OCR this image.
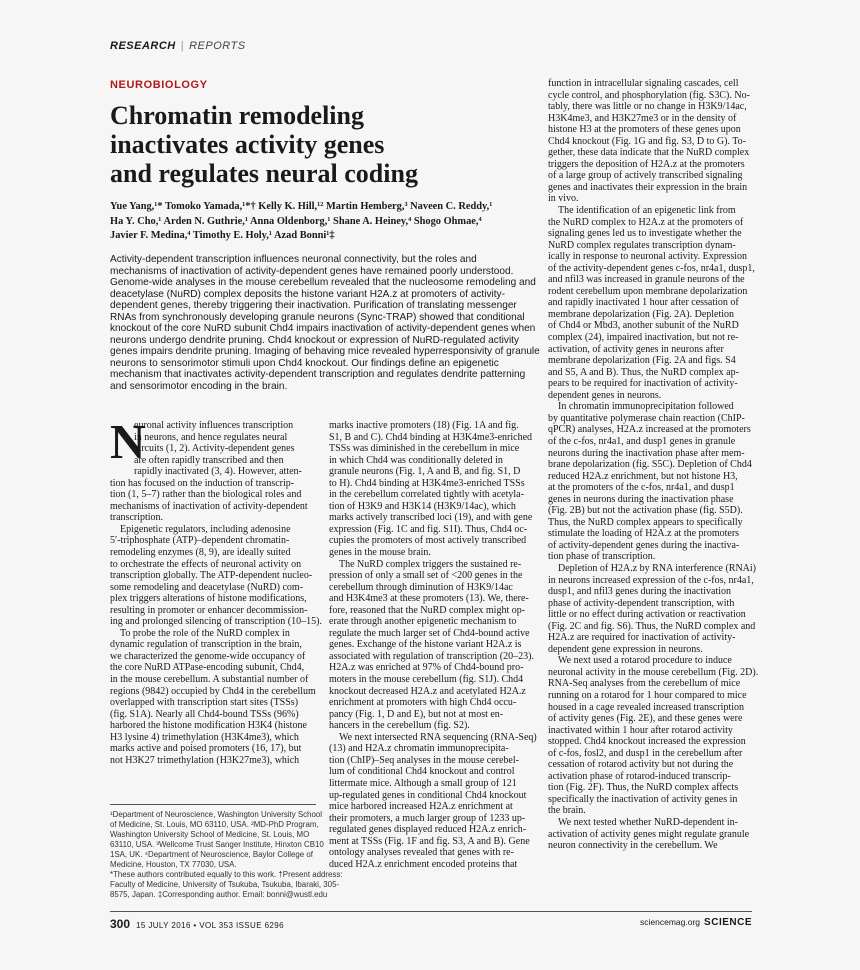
RESEARCH | REPORTS
NEUROBIOLOGY
Chromatin remodeling
inactivates activity genes
and regulates neural coding
Yue Yang,¹* Tomoko Yamada,¹*† Kelly K. Hill,¹² Martin Hemberg,³ Naveen C. Reddy,¹
Ha Y. Cho,¹ Arden N. Guthrie,¹ Anna Oldenborg,¹ Shane A. Heiney,⁴ Shogo Ohmae,⁴
Javier F. Medina,⁴ Timothy E. Holy,¹ Azad Bonni¹‡

Activity-dependent transcription influences neuronal connectivity, but the roles and
mechanisms of inactivation of activity-dependent genes have remained poorly understood.
Genome-wide analyses in the mouse cerebellum revealed that the nucleosome remodeling and
deacetylase (NuRD) complex deposits the histone variant H2A.z at promoters of activity-
dependent genes, thereby triggering their inactivation. Purification of translating messenger
RNAs from synchronously developing granule neurons (Sync-TRAP) showed that conditional
knockout of the core NuRD subunit Chd4 impairs inactivation of activity-dependent genes when
neurons undergo dendrite pruning. Chd4 knockout or expression of NuRD-regulated activity
genes impairs dendrite pruning. Imaging of behaving mice revealed hyperresponsivity of granule
neurons to sensorimotor stimuli upon Chd4 knockout. Our findings define an epigenetic
mechanism that inactivates activity-dependent transcription and regulates dendrite patterning
and sensorimotor encoding in the brain.

N
euronal activity influences transcription
in neurons, and hence regulates neural
circuits (1, 2). Activity-dependent genes
are often rapidly transcribed and then
rapidly inactivated (3, 4). However, atten-
tion has focused on the induction of transcrip-
tion (1, 5–7) rather than the biological roles and
mechanisms of inactivation of activity-dependent
transcription.
Epigenetic regulators, including adenosine
5′-triphosphate (ATP)–dependent chromatin-
remodeling enzymes (8, 9), are ideally suited
to orchestrate the effects of neuronal activity on
transcription globally. The ATP-dependent nucleo-
some remodeling and deacetylase (NuRD) com-
plex triggers alterations of histone modifications,
resulting in promoter or enhancer decommission-
ing and prolonged silencing of transcription (10–15).
To probe the role of the NuRD complex in
dynamic regulation of transcription in the brain,
we characterized the genome-wide occupancy of
the core NuRD ATPase-encoding subunit, Chd4,
in the mouse cerebellum. A substantial number of
regions (9842) occupied by Chd4 in the cerebellum
overlapped with transcription start sites (TSSs)
(fig. S1A). Nearly all Chd4-bound TSSs (96%)
harbored the histone modification H3K4 (histone
H3 lysine 4) trimethylation (H3K4me3), which
marks active and poised promoters (16, 17), but
not H3K27 trimethylation (H3K27me3), which
marks inactive promoters (18) (Fig. 1A and fig.
S1, B and C). Chd4 binding at H3K4me3-enriched
TSSs was diminished in the cerebellum in mice
in which Chd4 was conditionally deleted in
granule neurons (Fig. 1, A and B, and fig. S1, D
to H). Chd4 binding at H3K4me3-enriched TSSs
in the cerebellum correlated tightly with acetyla-
tion of H3K9 and H3K14 (H3K9/14ac), which
marks actively transcribed loci (19), and with gene
expression (Fig. 1C and fig. S1I). Thus, Chd4 oc-
cupies the promoters of most actively transcribed
genes in the mouse brain.
The NuRD complex triggers the sustained re-
pression of only a small set of <200 genes in the
cerebellum through diminution of H3K9/14ac
and H3K4me3 at these promoters (13). We, there-
fore, reasoned that the NuRD complex might op-
erate through another epigenetic mechanism to
regulate the much larger set of Chd4-bound active
genes. Exchange of the histone variant H2A.z is
associated with regulation of transcription (20–23).
H2A.z was enriched at 97% of Chd4-bound pro-
moters in the mouse cerebellum (fig. S1J). Chd4
knockout decreased H2A.z and acetylated H2A.z
enrichment at promoters with high Chd4 occu-
pancy (Fig. 1, D and E), but not at most en-
hancers in the cerebellum (fig. S2).
We next intersected RNA sequencing (RNA-Seq)
(13) and H2A.z chromatin immunoprecipita-
tion (ChIP)–Seq analyses in the mouse cerebel-
lum of conditional Chd4 knockout and control
littermate mice. Although a small group of 121
up-regulated genes in conditional Chd4 knockout
mice harbored increased H2A.z enrichment at
their promoters, a much larger group of 1233 up-
regulated genes displayed reduced H2A.z enrich-
ment at TSSs (Fig. 1F and fig. S3, A and B). Gene
ontology analyses revealed that genes with re-
duced H2A.z enrichment encoded proteins that
function in intracellular signaling cascades, cell
cycle control, and phosphorylation (fig. S3C). No-
tably, there was little or no change in H3K9/14ac,
H3K4me3, and H3K27me3 or in the density of
histone H3 at the promoters of these genes upon
Chd4 knockout (Fig. 1G and fig. S3, D to G). To-
gether, these data indicate that the NuRD complex
triggers the deposition of H2A.z at the promoters
of a large group of actively transcribed signaling
genes and inactivates their expression in the brain
in vivo.
The identification of an epigenetic link from
the NuRD complex to H2A.z at the promoters of
signaling genes led us to investigate whether the
NuRD complex regulates transcription dynam-
ically in response to neuronal activity. Expression
of the activity-dependent genes c-fos, nr4a1, dusp1,
and nfil3 was increased in granule neurons of the
rodent cerebellum upon membrane depolarization
and rapidly inactivated 1 hour after cessation of
membrane depolarization (Fig. 2A). Depletion
of Chd4 or Mbd3, another subunit of the NuRD
complex (24), impaired inactivation, but not re-
activation, of activity genes in neurons after
membrane depolarization (Fig. 2A and figs. S4
and S5, A and B). Thus, the NuRD complex ap-
pears to be required for inactivation of activity-
dependent genes in neurons.
In chromatin immunoprecipitation followed
by quantitative polymerase chain reaction (ChIP-
qPCR) analyses, H2A.z increased at the promoters
of the c-fos, nr4a1, and dusp1 genes in granule
neurons during the inactivation phase after mem-
brane depolarization (fig. S5C). Depletion of Chd4
reduced H2A.z enrichment, but not histone H3,
at the promoters of the c-fos, nr4a1, and dusp1
genes in neurons during the inactivation phase
(Fig. 2B) but not the activation phase (fig. S5D).
Thus, the NuRD complex appears to specifically
stimulate the loading of H2A.z at the promoters
of activity-dependent genes during the inactiva-
tion phase of transcription.
Depletion of H2A.z by RNA interference (RNAi)
in neurons increased expression of the c-fos, nr4a1,
dusp1, and nfil3 genes during the inactivation
phase of activity-dependent transcription, with
little or no effect during activation or reactivation
(Fig. 2C and fig. S6). Thus, the NuRD complex and
H2A.z are required for inactivation of activity-
dependent gene expression in neurons.
We next used a rotarod procedure to induce
neuronal activity in the mouse cerebellum (Fig. 2D).
RNA-Seq analyses from the cerebellum of mice
running on a rotarod for 1 hour compared to mice
housed in a cage revealed increased transcription
of activity genes (Fig. 2E), and these genes were
inactivated within 1 hour after rotarod activity
stopped. Chd4 knockout increased the expression
of c-fos, fosl2, and dusp1 in the cerebellum after
cessation of rotarod activity but not during the
activation phase of rotarod-induced transcrip-
tion (Fig. 2F). Thus, the NuRD complex affects
specifically the inactivation of activity genes in
the brain.
We next tested whether NuRD-dependent in-
activation of activity genes might regulate granule
neuron connectivity in the cerebellum. We
¹Department of Neuroscience, Washington University School
of Medicine, St. Louis, MO 63110, USA. ²MD-PhD Program,
Washington University School of Medicine, St. Louis, MO
63110, USA. ³Wellcome Trust Sanger Institute, Hinxton CB10
1SA, UK. ⁴Department of Neuroscience, Baylor College of
Medicine, Houston, TX 77030, USA.
*These authors contributed equally to this work. †Present address:
Faculty of Medicine, University of Tsukuba, Tsukuba, Ibaraki, 305-
8575, Japan. ‡Corresponding author. Email: bonni@wustl.edu
300 15 JULY 2016 • VOL 353 ISSUE 6296	sciencemag.org SCIENCE
